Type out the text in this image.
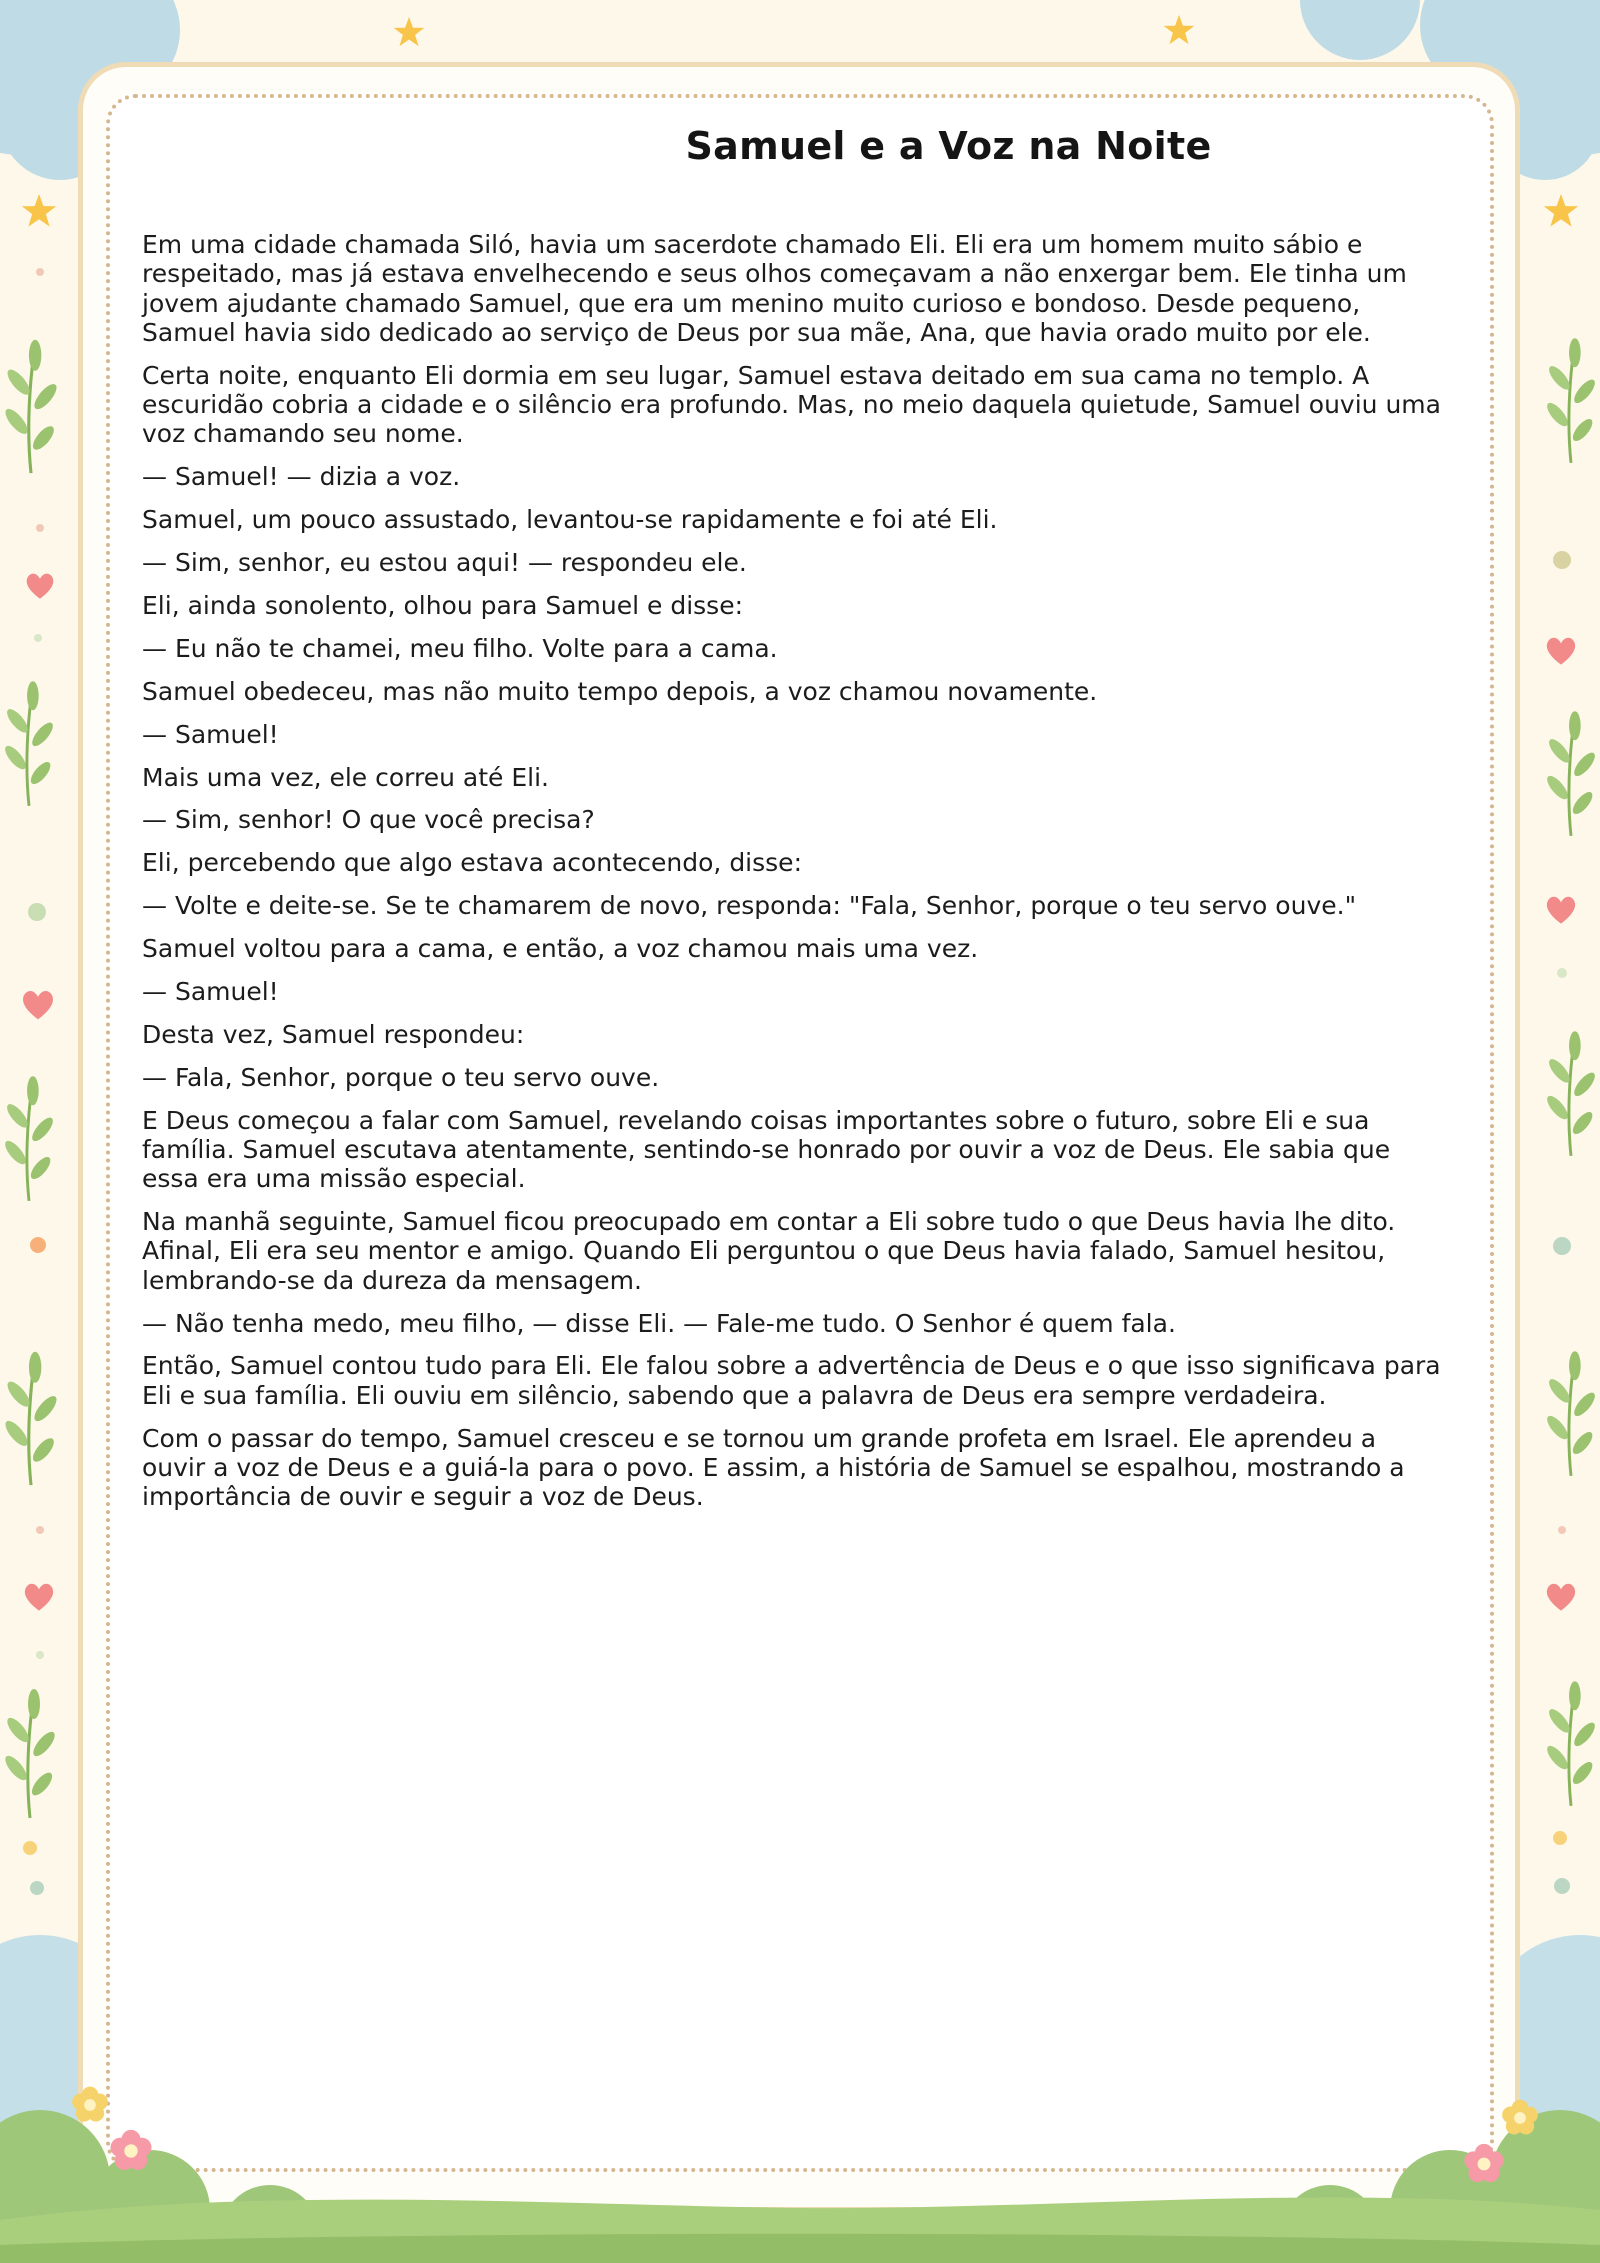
Samuel e a Voz na Noite

Em uma cidade chamada Siló, havia um sacerdote chamado Eli. Eli era um homem muito sábio e respeitado, mas já estava envelhecendo e seus olhos começavam a não enxergar bem. Ele tinha um jovem ajudante chamado Samuel, que era um menino muito curioso e bondoso. Desde pequeno, Samuel havia sido dedicado ao serviço de Deus por sua mãe, Ana, que havia orado muito por ele.

Certa noite, enquanto Eli dormia em seu lugar, Samuel estava deitado em sua cama no templo. A escuridão cobria a cidade e o silêncio era profundo. Mas, no meio daquela quietude, Samuel ouviu uma voz chamando seu nome.

— Samuel! — dizia a voz.

Samuel, um pouco assustado, levantou-se rapidamente e foi até Eli.

— Sim, senhor, eu estou aqui! — respondeu ele.

Eli, ainda sonolento, olhou para Samuel e disse:

— Eu não te chamei, meu filho. Volte para a cama.

Samuel obedeceu, mas não muito tempo depois, a voz chamou novamente.

— Samuel!

Mais uma vez, ele correu até Eli.

— Sim, senhor! O que você precisa?

Eli, percebendo que algo estava acontecendo, disse:

— Volte e deite-se. Se te chamarem de novo, responda: "Fala, Senhor, porque o teu servo ouve."

Samuel voltou para a cama, e então, a voz chamou mais uma vez.

— Samuel!

Desta vez, Samuel respondeu:

— Fala, Senhor, porque o teu servo ouve.

E Deus começou a falar com Samuel, revelando coisas importantes sobre o futuro, sobre Eli e sua família. Samuel escutava atentamente, sentindo-se honrado por ouvir a voz de Deus. Ele sabia que essa era uma missão especial.

Na manhã seguinte, Samuel ficou preocupado em contar a Eli sobre tudo o que Deus havia lhe dito. Afinal, Eli era seu mentor e amigo. Quando Eli perguntou o que Deus havia falado, Samuel hesitou, lembrando-se da dureza da mensagem.

— Não tenha medo, meu filho, — disse Eli. — Fale-me tudo. O Senhor é quem fala.

Então, Samuel contou tudo para Eli. Ele falou sobre a advertência de Deus e o que isso significava para Eli e sua família. Eli ouviu em silêncio, sabendo que a palavra de Deus era sempre verdadeira.

Com o passar do tempo, Samuel cresceu e se tornou um grande profeta em Israel. Ele aprendeu a ouvir a voz de Deus e a guiá-la para o povo. E assim, a história de Samuel se espalhou, mostrando a importância de ouvir e seguir a voz de Deus.
